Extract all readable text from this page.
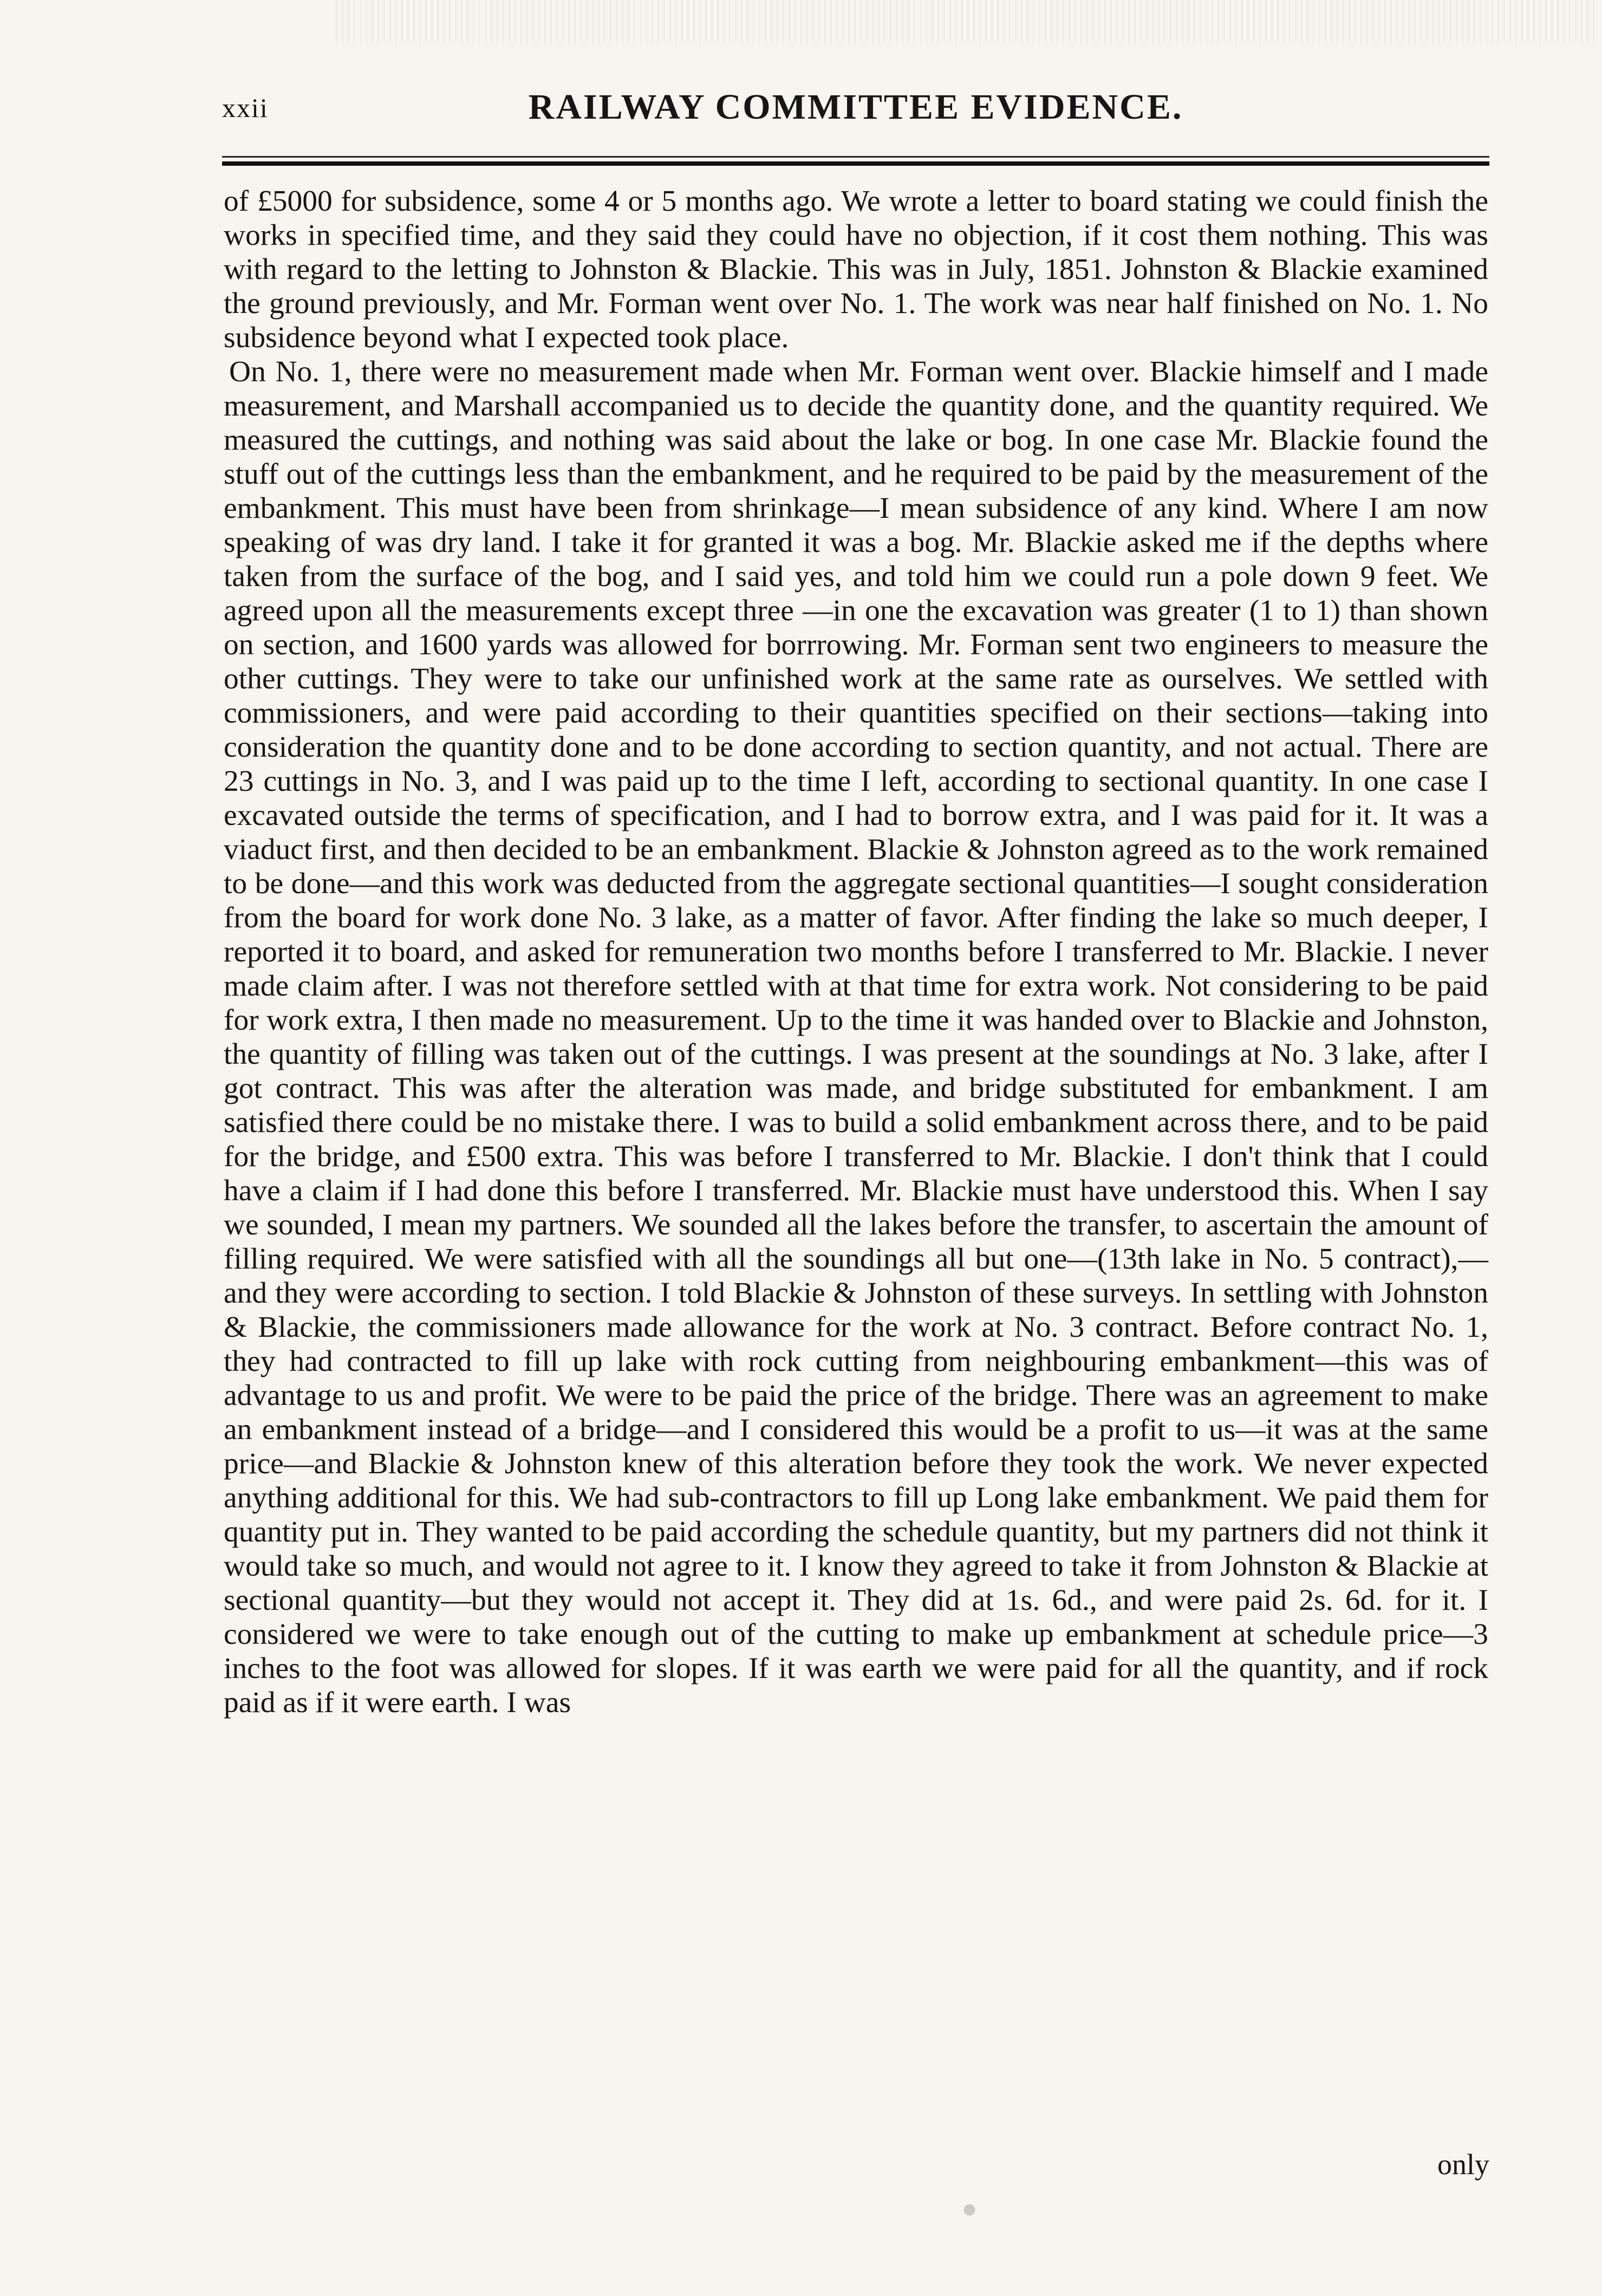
xxii	RAILWAY COMMITTEE EVIDENCE.

of £5000 for subsidence, some 4 or 5 months ago. We wrote a letter to board stating we could finish the works in specified time, and they said they could have no objection, if it cost them nothing. This was with regard to the letting to Johnston & Blackie. This was in July, 1851. Johnston & Blackie examined the ground previously, and Mr. Forman went over No. 1. The work was near half finished on No. 1. No subsidence beyond what I expected took place.

On No. 1, there were no measurement made when Mr. Forman went over. Blackie himself and I made measurement, and Marshall accompanied us to decide the quantity done, and the quantity required. We measured the cuttings, and nothing was said about the lake or bog. In one case Mr. Blackie found the stuff out of the cuttings less than the embankment, and he required to be paid by the measurement of the embankment. This must have been from shrinkage—I mean subsidence of any kind. Where I am now speaking of was dry land. I take it for granted it was a bog. Mr. Blackie asked me if the depths where taken from the surface of the bog, and I said yes, and told him we could run a pole down 9 feet. We agreed upon all the measurements except three —in one the excavation was greater (1 to 1) than shown on section, and 1600 yards was allowed for borrrowing. Mr. Forman sent two engineers to measure the other cuttings. They were to take our unfinished work at the same rate as ourselves. We settled with commissioners, and were paid according to their quantities specified on their sections—taking into consideration the quantity done and to be done according to section quantity, and not actual. There are 23 cuttings in No. 3, and I was paid up to the time I left, according to sectional quantity. In one case I excavated outside the terms of specification, and I had to borrow extra, and I was paid for it. It was a viaduct first, and then decided to be an embankment. Blackie & Johnston agreed as to the work remained to be done—and this work was deducted from the aggregate sectional quantities—I sought consideration from the board for work done No. 3 lake, as a matter of favor. After finding the lake so much deeper, I reported it to board, and asked for remuneration two months before I transferred to Mr. Blackie. I never made claim after. I was not therefore settled with at that time for extra work. Not considering to be paid for work extra, I then made no measurement. Up to the time it was handed over to Blackie and Johnston, the quantity of filling was taken out of the cuttings. I was present at the soundings at No. 3 lake, after I got contract. This was after the alteration was made, and bridge substituted for embankment. I am satisfied there could be no mistake there. I was to build a solid embankment across there, and to be paid for the bridge, and £500 extra. This was before I transferred to Mr. Blackie. I don't think that I could have a claim if I had done this before I transferred. Mr. Blackie must have understood this. When I say we sounded, I mean my partners. We sounded all the lakes before the transfer, to ascertain the amount of filling required. We were satisfied with all the soundings all but one—(13th lake in No. 5 contract),—and they were according to section. I told Blackie & Johnston of these surveys. In settling with Johnston & Blackie, the commissioners made allowance for the work at No. 3 contract. Before contract No. 1, they had contracted to fill up lake with rock cutting from neighbouring embankment—this was of advantage to us and profit. We were to be paid the price of the bridge. There was an agreement to make an embankment instead of a bridge—and I considered this would be a profit to us—it was at the same price—and Blackie & Johnston knew of this alteration before they took the work. We never expected anything additional for this. We had sub-contractors to fill up Long lake embankment. We paid them for quantity put in. They wanted to be paid according the schedule quantity, but my partners did not think it would take so much, and would not agree to it. I know they agreed to take it from Johnston & Blackie at sectional quantity—but they would not accept it. They did at 1s. 6d., and were paid 2s. 6d. for it. I considered we were to take enough out of the cutting to make up embankment at schedule price—3 inches to the foot was allowed for slopes. If it was earth we were paid for all the quantity, and if rock paid as if it were earth. I was

only
